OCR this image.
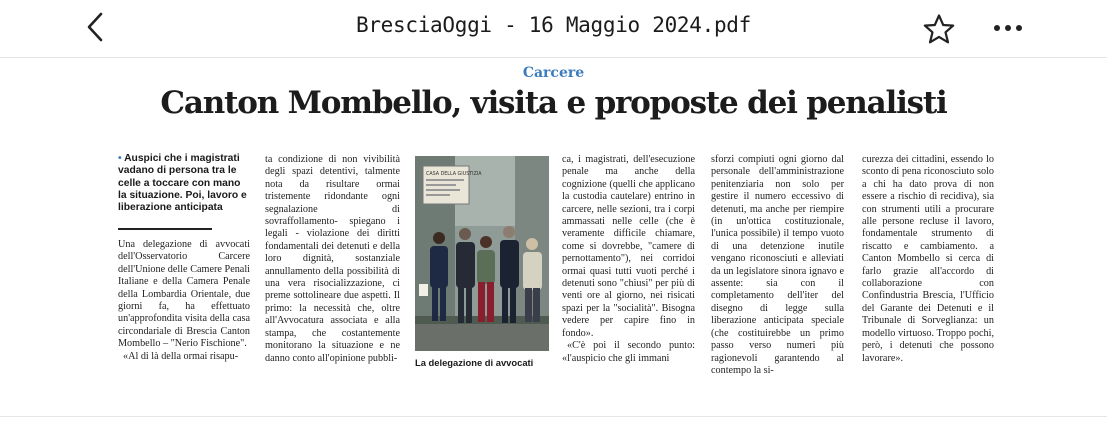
BresciaOggi - 16 Maggio 2024.pdf
Carcere
Canton Mombello, visita e proposte dei penalisti
• Auspici che i magistrati vadano di persona tra le celle a toccare con mano la situazione. Poi, lavoro e liberazione anticipata

Una delegazione di avvocati dell'Osservatorio Carcere dell'Unione delle Camere Penali Italiane e della Camera Penale della Lombardia Orientale, due giorni fa, ha effettuato un'approfondita visita della casa circondariale di Brescia Canton Mombello – "Nerio Fischione".

«Al di là della ormai risapu-

ta condizione di non vivibilità degli spazi detentivi, talmente nota da risultare ormai tristemente ridondante ogni segnalazione di sovraffollamento- spiegano i legali - violazione dei diritti fondamentali dei detenuti e della loro dignità, sostanziale annullamento della possibilità di una vera risocializzazione, ci preme sottolineare due aspetti. Il primo: la necessità che, oltre all'Avvocatura associata e alla stampa, che costantemente monitorano la situazione e ne danno conto all'opinione pubbli-

CASA DELLA GIUSTIZIA
La delegazione di avvocati

ca, i magistrati, dell'esecuzione penale ma anche della cognizione (quelli che applicano la custodia cautelare) entrino in carcere, nelle sezioni, tra i corpi ammassati nelle celle (che è veramente difficile chiamare, come si dovrebbe, "camere di pernottamento"), nei corridoi ormai quasi tutti vuoti perché i detenuti sono "chiusi" per più di venti ore al giorno, nei risicati spazi per la "socialità". Bisogna vedere per capire fino in fondo».

«C'è poi il secondo punto: «l'auspicio che gli immani

sforzi compiuti ogni giorno dal personale dell'amministrazione penitenziaria non solo per gestire il numero eccessivo di detenuti, ma anche per riempire (in un'ottica costituzionale, l'unica possibile) il tempo vuoto di una detenzione inutile vengano riconosciuti e alleviati da un legislatore sinora ignavo e assente: sia con il completamento dell'iter del disegno di legge sulla liberazione anticipata speciale (che costituirebbe un primo passo verso numeri più ragionevoli garantendo al contempo la si-

curezza dei cittadini, essendo lo sconto di pena riconosciuto solo a chi ha dato prova di non essere a rischio di recidiva), sia con strumenti utili a procurare alle persone recluse il lavoro, fondamentale strumento di riscatto e cambiamento. a Canton Mombello si cerca di farlo grazie all'accordo di collaborazione con Confindustria Brescia, l'Ufficio del Garante dei Detenuti e il Tribunale di Sorveglianza: un modello virtuoso. Troppo pochi, però, i detenuti che possono lavorare».
